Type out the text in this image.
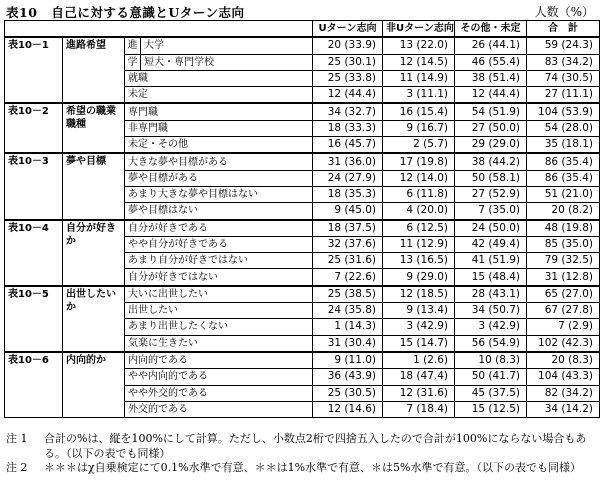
表10 自己に対する意識とUターン志向	人数（%）
				Uターン志向	非Uターン志向	その他・未定	合　計
表10－1	進路希望	進	大学	20 (33.9)	13 (22.0)	26 (44.1)	59 (24.3)
		学	短大・専門学校	25 (30.1)	12 (14.5)	46 (55.4)	83 (34.2)
		就職		25 (33.8)	11 (14.9)	38 (51.4)	74 (30.5)
		未定		12 (44.4)	3 (11.1)	12 (44.4)	27 (11.1)
表10－2	希望の職業職種	専門職		34 (32.7)	16 (15.4)	54 (51.9)	104 (53.9)
		非専門職		18 (33.3)	9 (16.7)	27 (50.0)	54 (28.0)
		未定・その他		16 (45.7)	2 (5.7)	29 (29.0)	35 (18.1)
表10－3	夢や目標	大きな夢や目標がある		31 (36.0)	17 (19.8)	38 (44.2)	86 (35.4)
		夢や目標がある		24 (27.9)	12 (14.0)	50 (58.1)	86 (35.4)
		あまり大きな夢や目標はない		18 (35.3)	6 (11.8)	27 (52.9)	51 (21.0)
		夢や目標はない		9 (45.0)	4 (20.0)	7 (35.0)	20 (8.2)
表10－4	自分が好きか	自分が好きである		18 (37.5)	6 (12.5)	24 (50.0)	48 (19.8)
		やや自分が好きである		32 (37.6)	11 (12.9)	42 (49.4)	85 (35.0)
		あまり自分が好きではない		25 (31.6)	13 (16.5)	41 (51.9)	79 (32.5)
		自分が好きではない		7 (22.6)	9 (29.0)	15 (48.4)	31 (12.8)
表10－5	出世したいか	大いに出世したい		25 (38.5)	12 (18.5)	28 (43.1)	65 (27.0)
		出世したい		24 (35.8)	9 (13.4)	34 (50.7)	67 (27.8)
		あまり出世したくない		1 (14.3)	3 (42.9)	3 (42.9)	7 (2.9)
		気楽に生きたい		31 (30.4)	15 (14.7)	56 (54.9)	102 (42.3)
表10－6	内向的か	内向的である		9 (11.0)	1 (2.6)	10 (8.3)	20 (8.3)
		やや内向的である		36 (43.9)	18 (47.4)	50 (41.7)	104 (43.3)
		やや外交的である		25 (30.5)	12 (31.6)	45 (37.5)	82 (34.2)
		外交的である		12 (14.6)	7 (18.4)	15 (12.5)	34 (14.2)
注 1	合計の%は、縦を100%にして計算。ただし、小数点2桁で四捨五入したので合計が100%にならない場合もある。（以下の表でも同様）
注 2	＊＊＊はχ自乗検定にて0.1%水準で有意、＊＊は1%水準で有意、＊は5%水準で有意。（以下の表でも同様）
